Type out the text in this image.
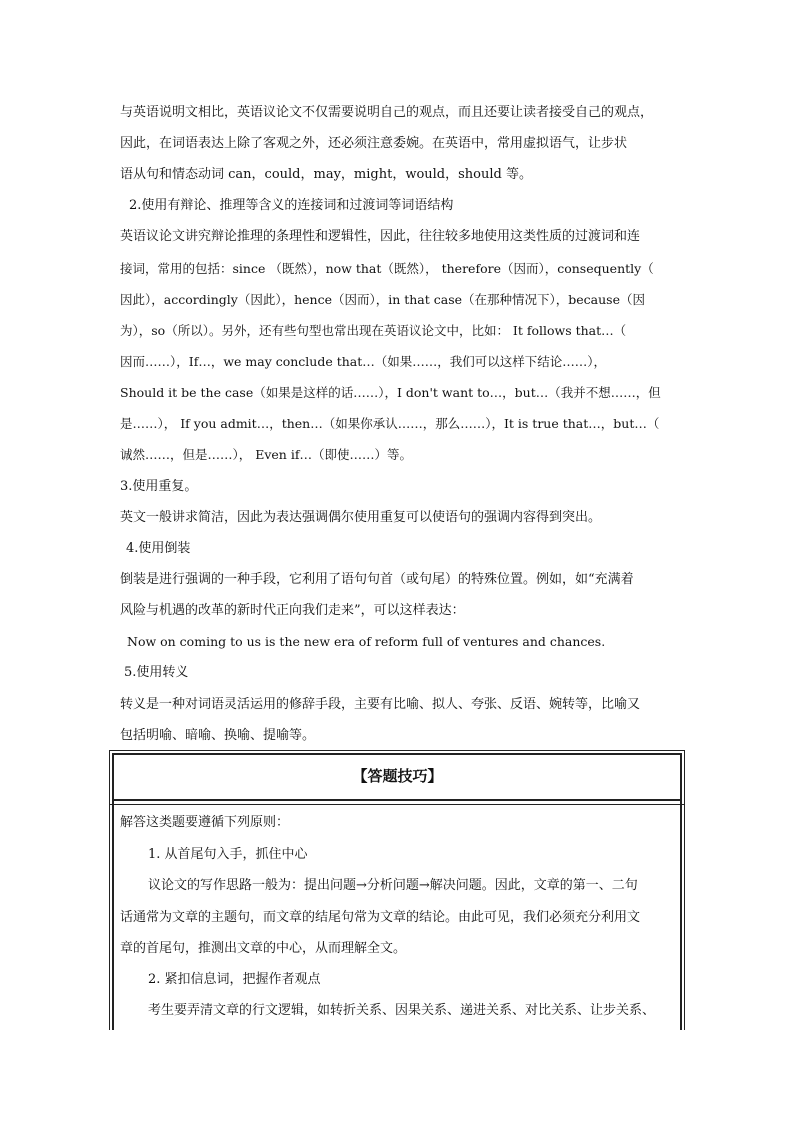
与英语说明文相比，英语议论文不仅需要说明自己的观点，而且还要让读者接受自己的观点，
因此，在词语表达上除了客观之外，还必须注意委婉。在英语中，常用虚拟语气，让步状
语从句和情态动词 can，could，may，might，would，should 等。
2.使用有辩论、推理等含义的连接词和过渡词等词语结构
英语议论文讲究辩论推理的条理性和逻辑性，因此，往往较多地使用这类性质的过渡词和连
接词，常用的包括：since （既然），now that（既然）， therefore（因而），consequently（
因此），accordingly（因此），hence（因而），in that case（在那种情况下），because（因
为），so（所以）。另外，还有些句型也常出现在英语议论文中，比如： It follows that…（
因而……），If…，we may conclude that…（如果……，我们可以这样下结论……），
Should it be the case（如果是这样的话……），I don't want to…，but…（我并不想……，但
是……）， If you admit…，then…（如果你承认……，那么……），It is true that…，but…（
诚然……，但是……）， Even if…（即使……）等。
3.使用重复。
英文一般讲求简洁，因此为表达强调偶尔使用重复可以使语句的强调内容得到突出。
4.使用倒装
倒装是进行强调的一种手段，它利用了语句句首（或句尾）的特殊位置。例如，如“充满着
风险与机遇的改革的新时代正向我们走来”，可以这样表达：
Now on coming to us is the new era of reform full of ventures and chances.
5.使用转义
转义是一种对词语灵活运用的修辞手段，主要有比喻、拟人、夸张、反语、婉转等，比喻又
包括明喻、暗喻、换喻、提喻等。
【答题技巧】
解答这类题要遵循下列原则：
1. 从首尾句入手，抓住中心
议论文的写作思路一般为：提出问题→分析问题→解决问题。因此，文章的第一、二句
话通常为文章的主题句，而文章的结尾句常为文章的结论。由此可见，我们必须充分利用文
章的首尾句，推测出文章的中心，从而理解全文。
2. 紧扣信息词，把握作者观点
考生要弄清文章的行文逻辑，如转折关系、因果关系、递进关系、对比关系、让步关系、
